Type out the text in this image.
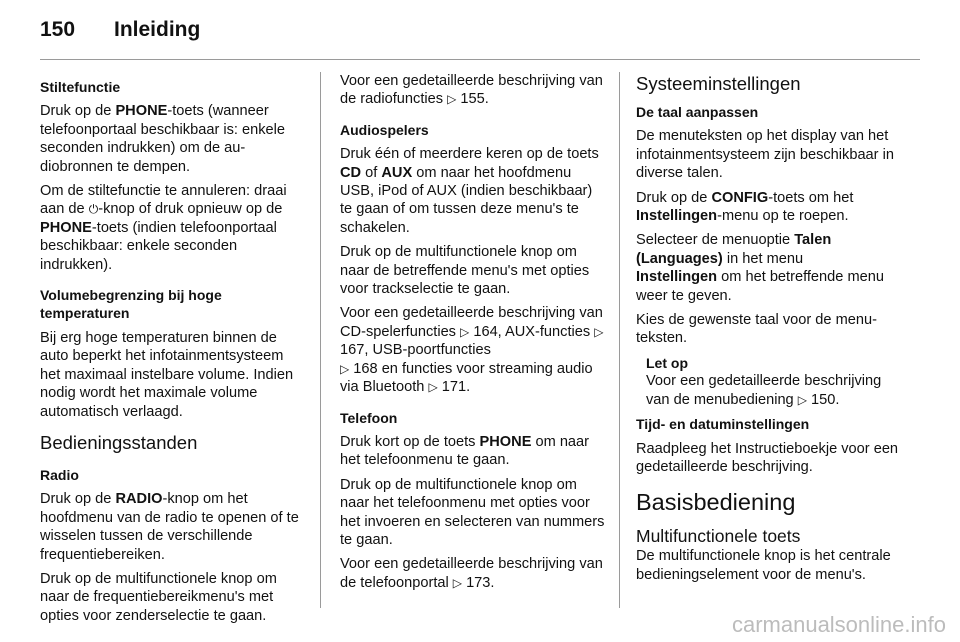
150 Inleiding

Stiltefunctie

Druk op de PHONE-toets (wanneer telefoonportaal beschikbaar is: enkele seconden indrukken) om de audiobronnen te dempen.

Om de stiltefunctie te annuleren: draai aan de ⏻-knop of druk opnieuw op de PHONE-toets (indien telefoonportaal beschikbaar: enkele seconden indrukken).

Volumebegrenzing bij hoge temperaturen

Bij erg hoge temperaturen binnen de auto beperkt het infotainmentsysteem het maximaal instelbare volume. Indien nodig wordt het maximale volume automatisch verlaagd.

Bedieningsstanden

Radio

Druk op de RADIO-knop om het hoofdmenu van de radio te openen of te wisselen tussen de verschillende frequentiebereiken.

Druk op de multifunctionele knop om naar de frequentiebereikmenu's met opties voor zenderselectie te gaan.

Voor een gedetailleerde beschrijving van de radiofuncties ▷ 155.

Audiospelers

Druk één of meerdere keren op de toets CD of AUX om naar het hoofdmenu USB, iPod of AUX (indien beschikbaar) te gaan of om tussen deze menu's te schakelen.

Druk op de multifunctionele knop om naar de betreffende menu's met opties voor trackselectie te gaan.

Voor een gedetailleerde beschrijving van CD-spelerfuncties ▷ 164, AUX-functies ▷ 167, USB-poortfuncties
▷ 168 en functies voor streaming audio via Bluetooth ▷ 171.

Telefoon

Druk kort op de toets PHONE om naar het telefoonmenu te gaan.

Druk op de multifunctionele knop om naar het telefoonmenu met opties voor het invoeren en selecteren van nummers te gaan.

Voor een gedetailleerde beschrijving van de telefoonportal ▷ 173.

Systeeminstellingen

De taal aanpassen

De menuteksten op het display van het infotainmentsysteem zijn beschikbaar in diverse talen.

Druk op de CONFIG-toets om het
Instellingen-menu op te roepen.

Selecteer de menuoptie Talen (Languages) in het menu
Instellingen om het betreffende menu weer te geven.

Kies de gewenste taal voor de menuteksten.

Let op

Voor een gedetailleerde beschrijving van de menubediening ▷ 150.

Tijd- en datuminstellingen

Raadpleeg het Instructieboekje voor een gedetailleerde beschrijving.

Basisbediening

Multifunctionele toets

De multifunctionele knop is het centrale bedieningselement voor de menu's.

carmanualsonline.info
